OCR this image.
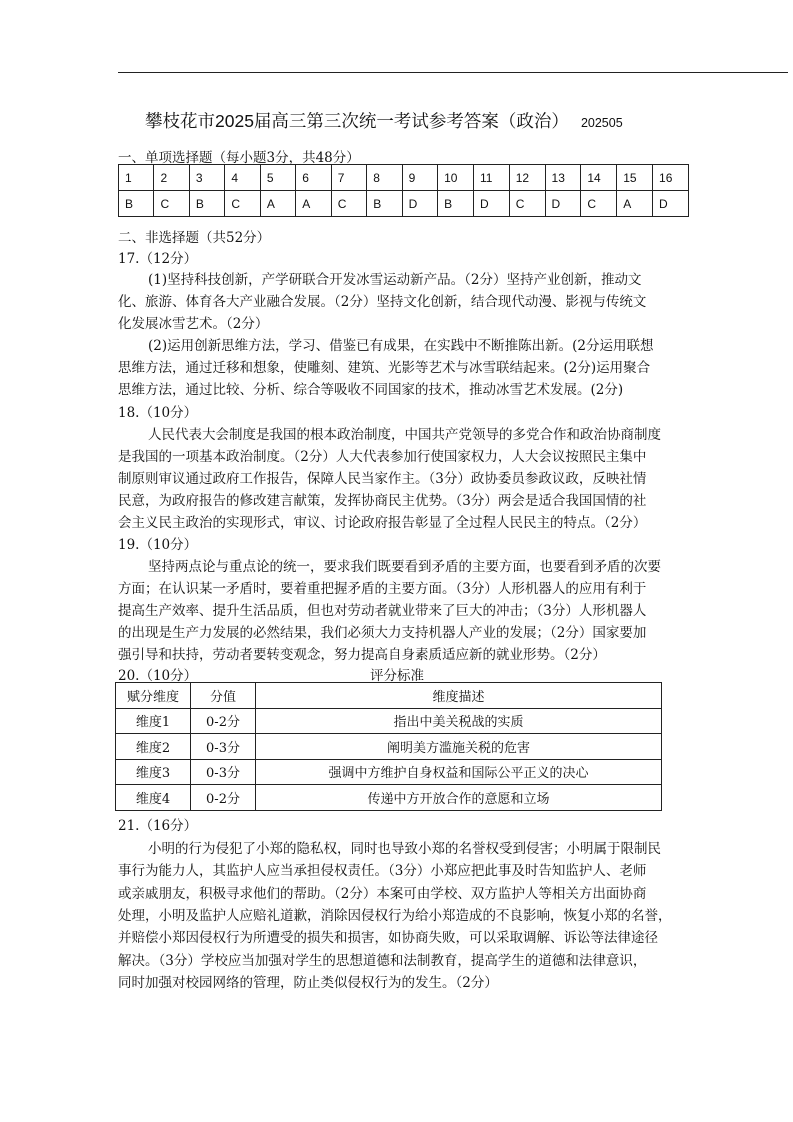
攀枝花市2025届高三第三次统一考试参考答案（政治） 202505
一、单项选择题（每小题3分，共48分）
1	2	3	4	5	6	7	8	9	10	11	12	13	14	15	16
B	C	B	C	A	A	C	B	D	B	D	C	D	C	A	D
二、非选择题（共52分）
17.（12分）
(1)坚持科技创新，产学研联合开发冰雪运动新产品。（2分）坚持产业创新，推动文
化、旅游、体育各大产业融合发展。（2分）坚持文化创新，结合现代动漫、影视与传统文
化发展冰雪艺术。（2分）
(2)运用创新思维方法，学习、借鉴已有成果，在实践中不断推陈出新。(2分运用联想
思维方法，通过迁移和想象，使雕刻、建筑、光影等艺术与冰雪联结起来。(2分)运用聚合
思维方法，通过比较、分析、综合等吸收不同国家的技术，推动冰雪艺术发展。(2分)
18.（10分）
人民代表大会制度是我国的根本政治制度，中国共产党领导的多党合作和政治协商制度
是我国的一项基本政治制度。（2分）人大代表参加行使国家权力，人大会议按照民主集中
制原则审议通过政府工作报告，保障人民当家作主。（3分）政协委员参政议政，反映社情
民意，为政府报告的修改建言献策，发挥协商民主优势。（3分）两会是适合我国国情的社
会主义民主政治的实现形式，审议、讨论政府报告彰显了全过程人民民主的特点。（2分）
19.（10分）
坚持两点论与重点论的统一，要求我们既要看到矛盾的主要方面，也要看到矛盾的次要
方面；在认识某一矛盾时，要着重把握矛盾的主要方面。（3分）人形机器人的应用有利于
提高生产效率、提升生活品质，但也对劳动者就业带来了巨大的冲击；（3分）人形机器人
的出现是生产力发展的必然结果，我们必须大力支持机器人产业的发展；（2分）国家要加
强引导和扶持，劳动者要转变观念，努力提高自身素质适应新的就业形势。（2分）
21.（16分）
小明的行为侵犯了小郑的隐私权，同时也导致小郑的名誉权受到侵害；小明属于限制民
事行为能力人，其监护人应当承担侵权责任。（3分）小郑应把此事及时告知监护人、老师
或亲戚朋友，积极寻求他们的帮助。（2分）本案可由学校、双方监护人等相关方出面协商
处理，小明及监护人应赔礼道歉，消除因侵权行为给小郑造成的不良影响，恢复小郑的名誉，
并赔偿小郑因侵权行为所遭受的损失和损害，如协商失败，可以采取调解、诉讼等法律途径
解决。（3分）学校应当加强对学生的思想道德和法制教育，提高学生的道德和法律意识，
同时加强对校园网络的管理，防止类似侵权行为的发生。（2分）
20.（10分）	评分标准
赋分维度	分值	维度描述
维度1	0-2分	指出中美关税战的实质
维度2	0-3分	阐明美方滥施关税的危害
维度3	0-3分	强调中方维护自身权益和国际公平正义的决心
维度4	0-2分	传递中方开放合作的意愿和立场
